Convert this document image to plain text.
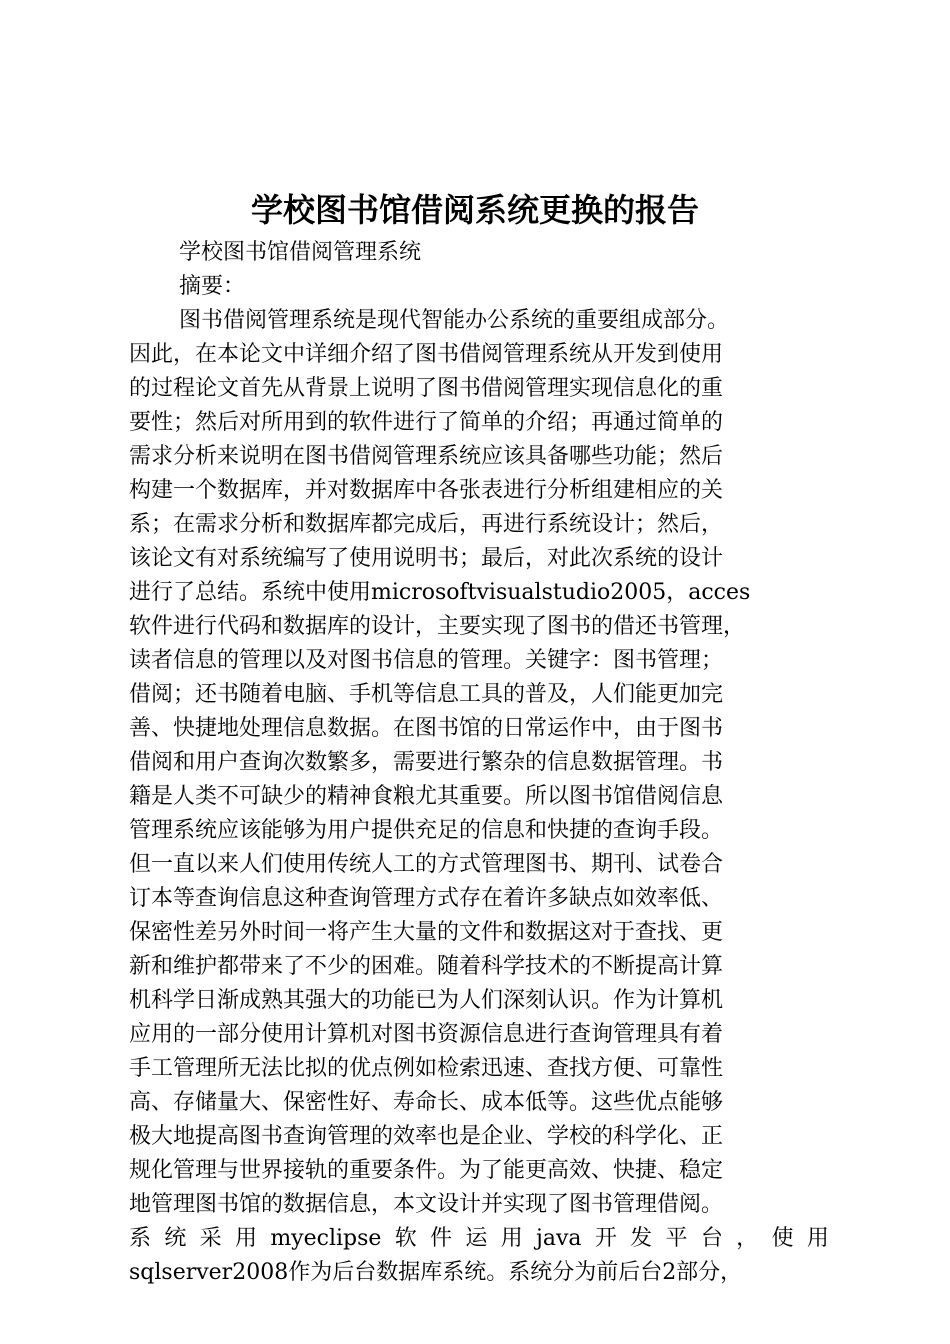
学校图书馆借阅系统更换的报告
学校图书馆借阅管理系统
摘要：
图书借阅管理系统是现代智能办公系统的重要组成部分。
因此，在本论文中详细介绍了图书借阅管理系统从开发到使用
的过程论文首先从背景上说明了图书借阅管理实现信息化的重
要性；然后对所用到的软件进行了简单的介绍；再通过简单的
需求分析来说明在图书借阅管理系统应该具备哪些功能；然后
构建一个数据库，并对数据库中各张表进行分析组建相应的关
系；在需求分析和数据库都完成后，再进行系统设计；然后，
该论文有对系统编写了使用说明书；最后，对此次系统的设计
进行了总结。系统中使用microsoftvisualstudio2005，acces
软件进行代码和数据库的设计，主要实现了图书的借还书管理，
读者信息的管理以及对图书信息的管理。关键字：图书管理；
借阅；还书随着电脑、手机等信息工具的普及，人们能更加完
善、快捷地处理信息数据。在图书馆的日常运作中，由于图书
借阅和用户查询次数繁多，需要进行繁杂的信息数据管理。书
籍是人类不可缺少的精神食粮尤其重要。所以图书馆借阅信息
管理系统应该能够为用户提供充足的信息和快捷的查询手段。
但一直以来人们使用传统人工的方式管理图书、期刊、试卷合
订本等查询信息这种查询管理方式存在着许多缺点如效率低、
保密性差另外时间一将产生大量的文件和数据这对于查找、更
新和维护都带来了不少的困难。随着科学技术的不断提高计算
机科学日渐成熟其强大的功能已为人们深刻认识。作为计算机
应用的一部分使用计算机对图书资源信息进行查询管理具有着
手工管理所无法比拟的优点例如检索迅速、查找方便、可靠性
高、存储量大、保密性好、寿命长、成本低等。这些优点能够
极大地提高图书查询管理的效率也是企业、学校的科学化、正
规化管理与世界接轨的重要条件。为了能更高效、快捷、稳定
地管理图书馆的数据信息，本文设计并实现了图书管理借阅。
系 统 采 用 myeclipse 软 件 运 用 java 开 发 平 台 ， 使 用
sqlserver2008作为后台数据库系统。系统分为前后台2部分，
